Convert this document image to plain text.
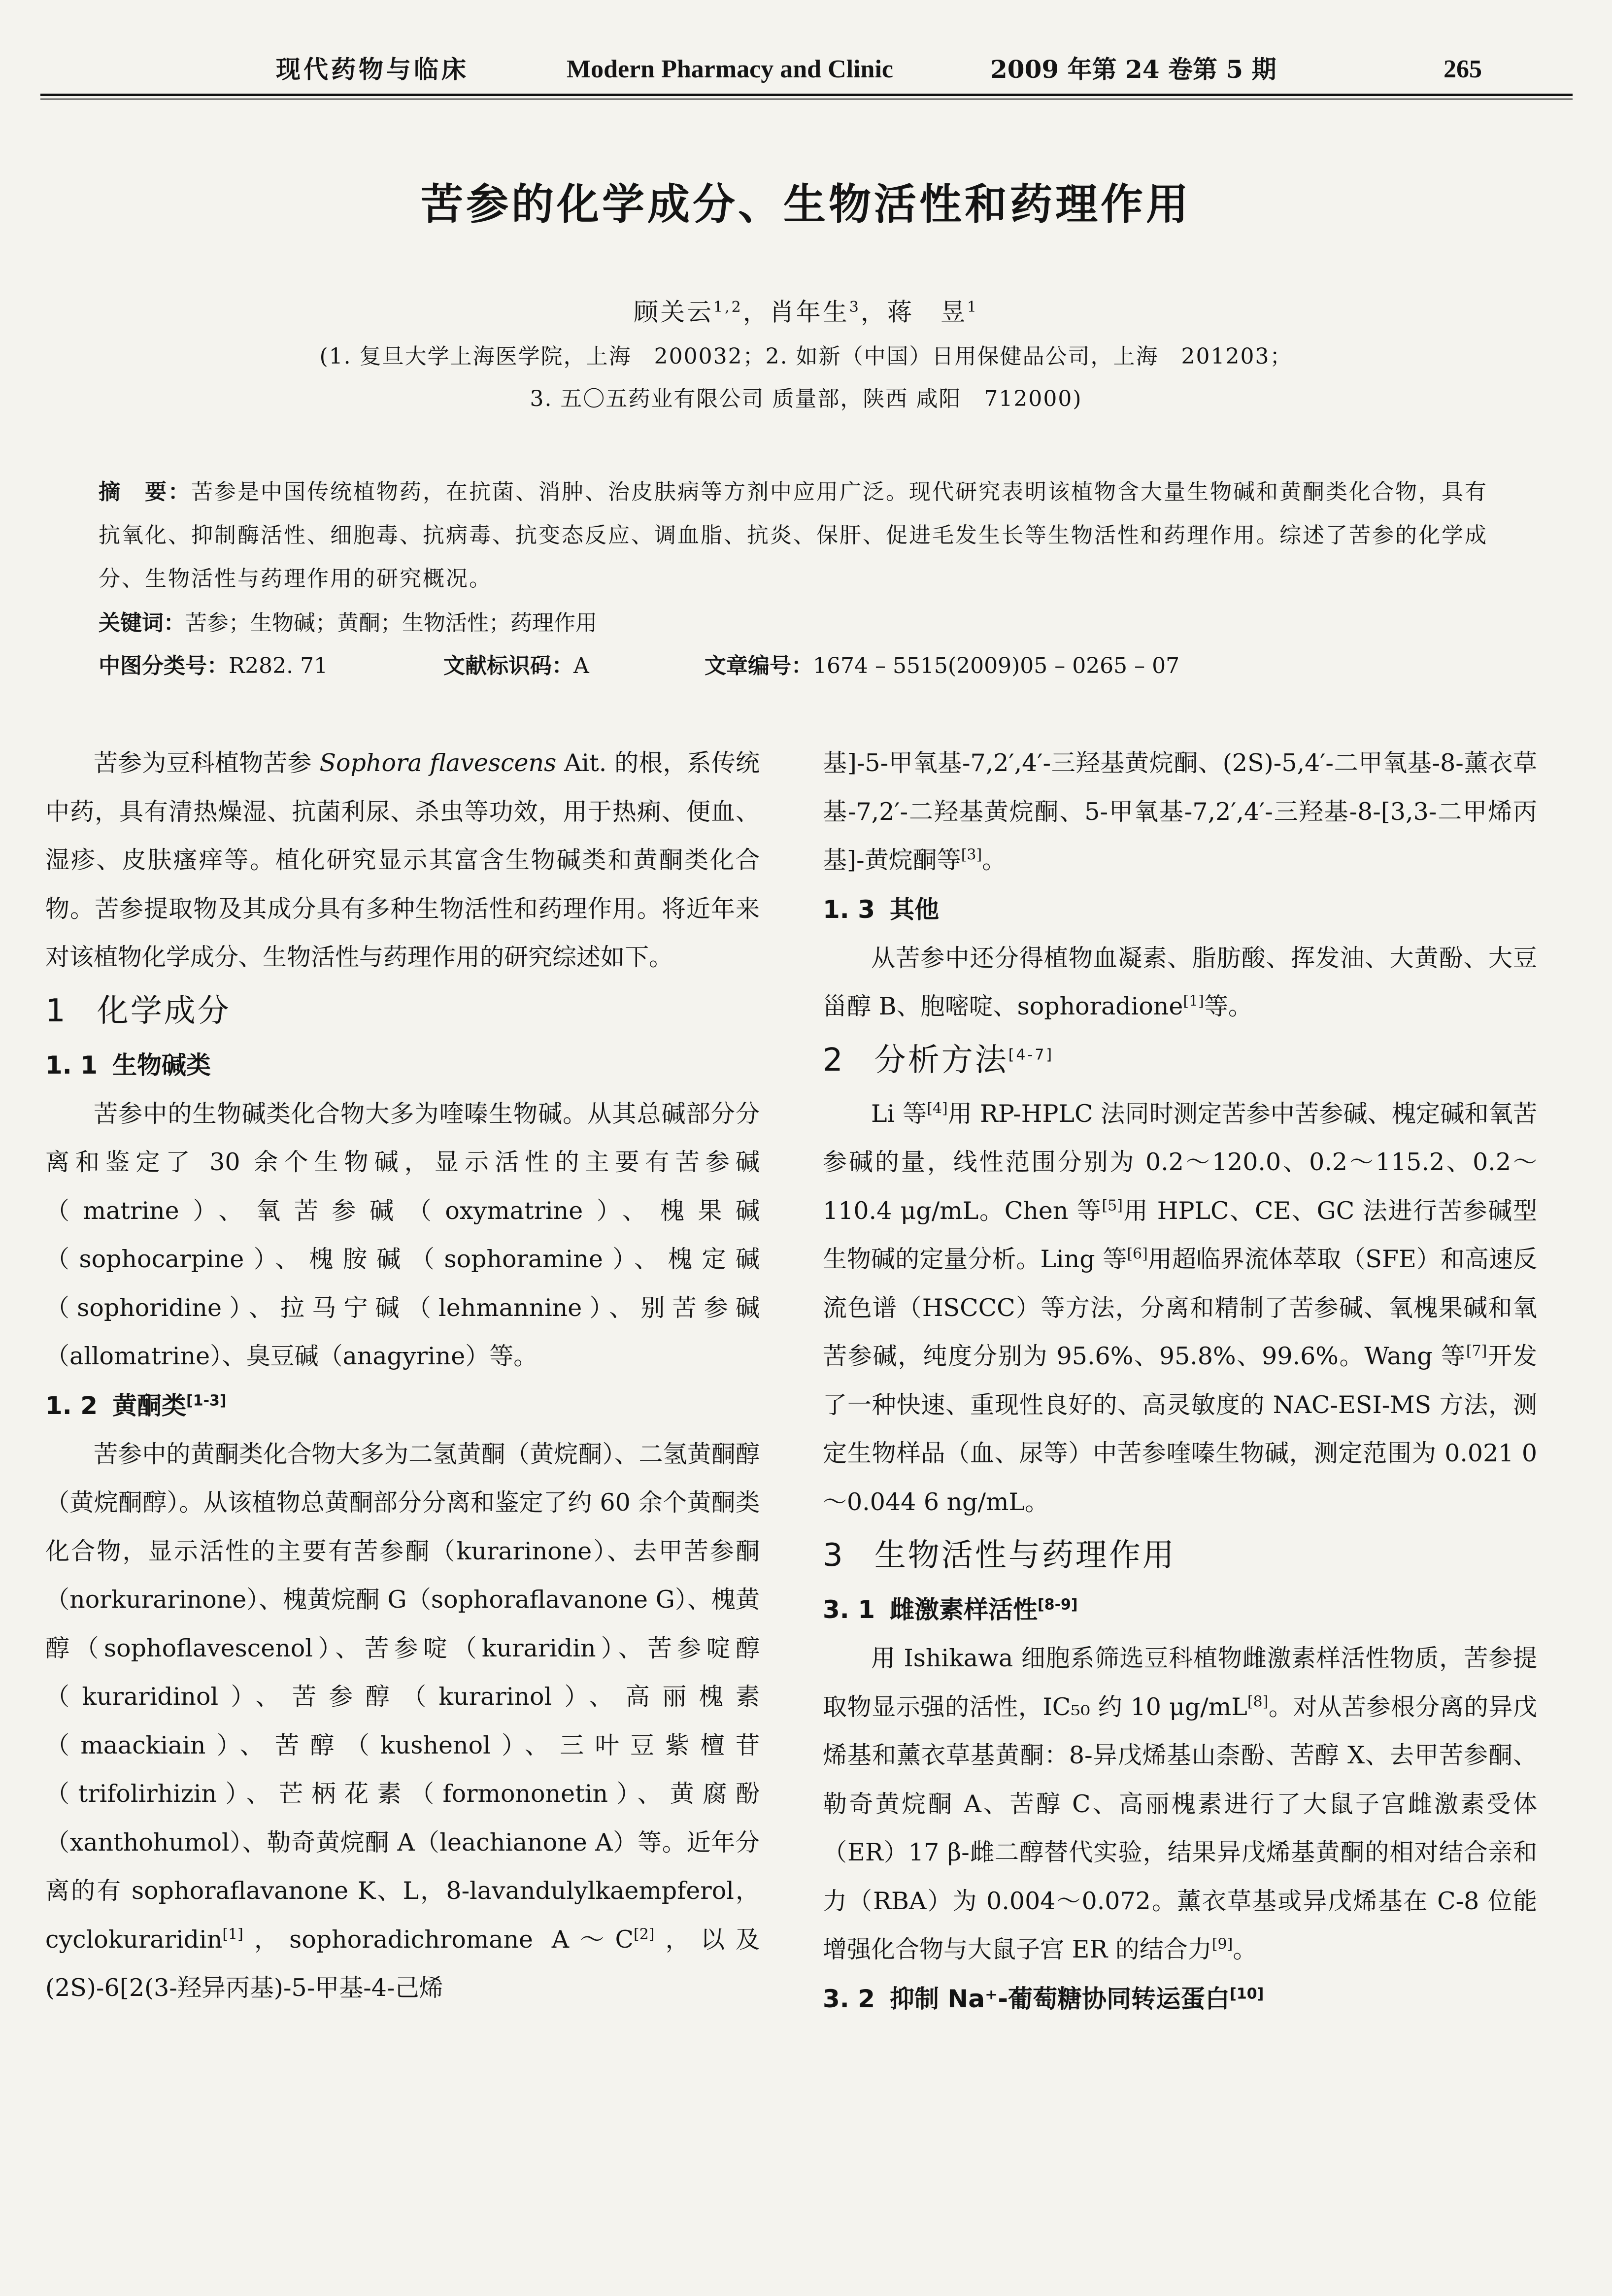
现代药物与临床	Modern Pharmacy and Clinic	2009 年第 24 卷第 5 期	265
苦参的化学成分、生物活性和药理作用
顾关云$^{1,2}$，肖年生$^3$，蒋　昱$^1$
(1. 复旦大学上海医学院，上海　200032；2. 如新（中国）日用保健品公司，上海　201203；
3. 五〇五药业有限公司 质量部，陕西 咸阳　712000)
摘　要：苦参是中国传统植物药，在抗菌、消肿、治皮肤病等方剂中应用广泛。现代研究表明该植物含大量生物碱和黄酮类化合物，具有抗氧化、抑制酶活性、细胞毒、抗病毒、抗变态反应、调血脂、抗炎、保肝、促进毛发生长等生物活性和药理作用。综述了苦参的化学成分、生物活性与药理作用的研究概况。
关键词：苦参；生物碱；黄酮；生物活性；药理作用
中图分类号：R282. 71	文献标识码：A	文章编号：1674 – 5515(2009)05 – 0265 – 07

苦参为豆科植物苦参 Sophora flavescens Ait. 的根，系传统中药，具有清热燥湿、抗菌利尿、杀虫等功效，用于热痢、便血、湿疹、皮肤瘙痒等。植化研究显示其富含生物碱类和黄酮类化合物。苦参提取物及其成分具有多种生物活性和药理作用。将近年来对该植物化学成分、生物活性与药理作用的研究综述如下。

1 化学成分
1. 1 生物碱类

苦参中的生物碱类化合物大多为喹嗪生物碱。从其总碱部分分离和鉴定了 30 余个生物碱，显示活性的主要有苦参碱（matrine）、氧苦参碱（oxymatrine）、槐果碱（sophocarpine）、槐胺碱（sophoramine）、槐定碱（sophoridine）、拉马宁碱（lehmannine）、别苦参碱（allomatrine）、臭豆碱（anagyrine）等。

1. 2 黄酮类[1-3]

苦参中的黄酮类化合物大多为二氢黄酮（黄烷酮）、二氢黄酮醇（黄烷酮醇）。从该植物总黄酮部分分离和鉴定了约 60 余个黄酮类化合物，显示活性的主要有苦参酮（kurarinone）、去甲苦参酮（norkurarinone）、槐黄烷酮 G（sophoraflavanone G）、槐黄醇（sophoflavescenol）、苦参啶（kuraridin）、苦参啶醇（kuraridinol）、苦参醇（kurarinol）、高丽槐素（maackiain）、苦醇（kushenol）、三叶豆紫檀苷（trifolirhizin）、芒柄花素（formononetin）、黄腐酚（xanthohumol）、勒奇黄烷酮 A（leachianone A）等。近年分离的有 sophoraflavanone K、L，8-lavandulylkaempferol，cyclokuraridin[1]，sophoradichromane A～C[2]，以及(2S)-6[2(3-羟异丙基)-5-甲基-4-己烯

基]-5-甲氧基-7,2′,4′-三羟基黄烷酮、(2S)-5,4′-二甲氧基-8-薰衣草基-7,2′-二羟基黄烷酮、5-甲氧基-7,2′,4′-三羟基-8-[3,3-二甲烯丙基]-黄烷酮等[3]。

1. 3 其他

从苦参中还分得植物血凝素、脂肪酸、挥发油、大黄酚、大豆甾醇 B、胞嘧啶、sophoradione[1]等。

2 分析方法[4-7]

Li 等[4]用 RP-HPLC 法同时测定苦参中苦参碱、槐定碱和氧苦参碱的量，线性范围分别为 0.2～120.0、0.2～115.2、0.2～110.4 μg/mL。Chen 等[5]用 HPLC、CE、GC 法进行苦参碱型生物碱的定量分析。Ling 等[6]用超临界流体萃取（SFE）和高速反流色谱（HSCCC）等方法，分离和精制了苦参碱、氧槐果碱和氧苦参碱，纯度分别为 95.6%、95.8%、99.6%。Wang 等[7]开发了一种快速、重现性良好的、高灵敏度的 NAC-ESI-MS 方法，测定生物样品（血、尿等）中苦参喹嗪生物碱，测定范围为 0.021 0～0.044 6 ng/mL。

3 生物活性与药理作用
3. 1 雌激素样活性[8-9]

用 Ishikawa 细胞系筛选豆科植物雌激素样活性物质，苦参提取物显示强的活性，IC₅₀ 约 10 μg/mL[8]。对从苦参根分离的异戊烯基和薰衣草基黄酮：8-异戊烯基山柰酚、苦醇 X、去甲苦参酮、勒奇黄烷酮 A、苦醇 C、高丽槐素进行了大鼠子宫雌激素受体（ER）17 β-雌二醇替代实验，结果异戊烯基黄酮的相对结合亲和力（RBA）为 0.004～0.072。薰衣草基或异戊烯基在 C-8 位能增强化合物与大鼠子宫 ER 的结合力[9]。

3. 2 抑制 Na⁺-葡萄糖协同转运蛋白[10]
